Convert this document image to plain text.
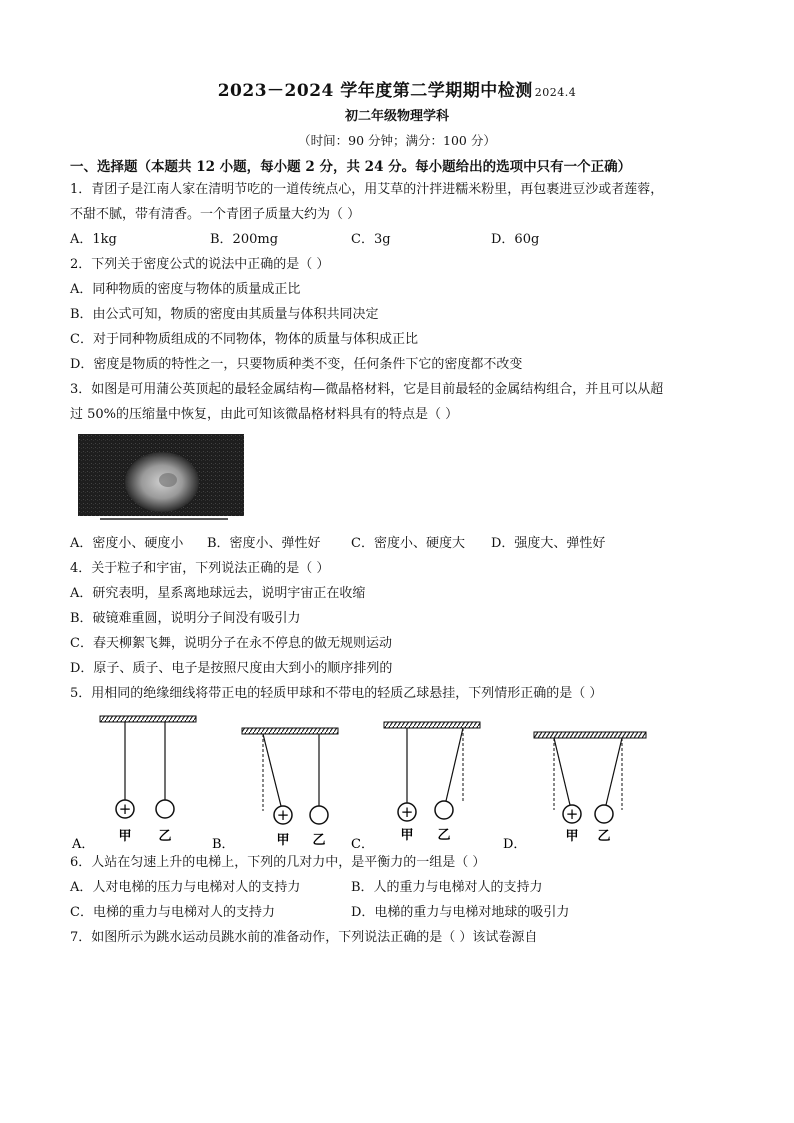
2023－2024 学年度第二学期期中检测 2024.4
初二年级物理学科
（时间：90 分钟；满分：100 分）
一、选择题（本题共 12 小题，每小题 2 分，共 24 分。每小题给出的选项中只有一个正确）
1．青团子是江南人家在清明节吃的一道传统点心，用艾草的汁拌进糯米粉里，再包裹进豆沙或者莲蓉，
不甜不腻，带有清香。一个青团子质量大约为（ ）
A．1kg	B．200mg	C．3g	D．60g
2．下列关于密度公式的说法中正确的是（ ）
A．同种物质的密度与物体的质量成正比
B．由公式可知，物质的密度由其质量与体积共同决定
C．对于同种物质组成的不同物体，物体的质量与体积成正比
D．密度是物质的特性之一，只要物质种类不变，任何条件下它的密度都不改变
3．如图是可用蒲公英顶起的最轻金属结构—微晶格材料，它是目前最轻的金属结构组合，并且可以从超
过 50%的压缩量中恢复，由此可知该微晶格材料具有的特点是（ ）
A．密度小、硬度小 B．密度小、弹性好 C．密度小、硬度大 D．强度大、弹性好
4．关于粒子和宇宙，下列说法正确的是（ ）
A．研究表明，星系离地球远去，说明宇宙正在收缩
B．破镜难重圆，说明分子间没有吸引力
C．春天柳絮飞舞，说明分子在永不停息的做无规则运动
D．原子、质子、电子是按照尺度由大到小的顺序排列的
5．用相同的绝缘细线将带正电的轻质甲球和不带电的轻质乙球悬挂，下列情形正确的是（ ）
+
甲 乙
A．
+
甲 乙
B．
+
甲 乙
C．
+
甲 乙
D．
6．人站在匀速上升的电梯上，下列的几对力中，是平衡力的一组是（ ）
A．人对电梯的压力与电梯对人的支持力	B．人的重力与电梯对人的支持力
C．电梯的重力与电梯对人的支持力	D．电梯的重力与电梯对地球的吸引力
7．如图所示为跳水运动员跳水前的准备动作，下列说法正确的是（ ）该试卷源自
